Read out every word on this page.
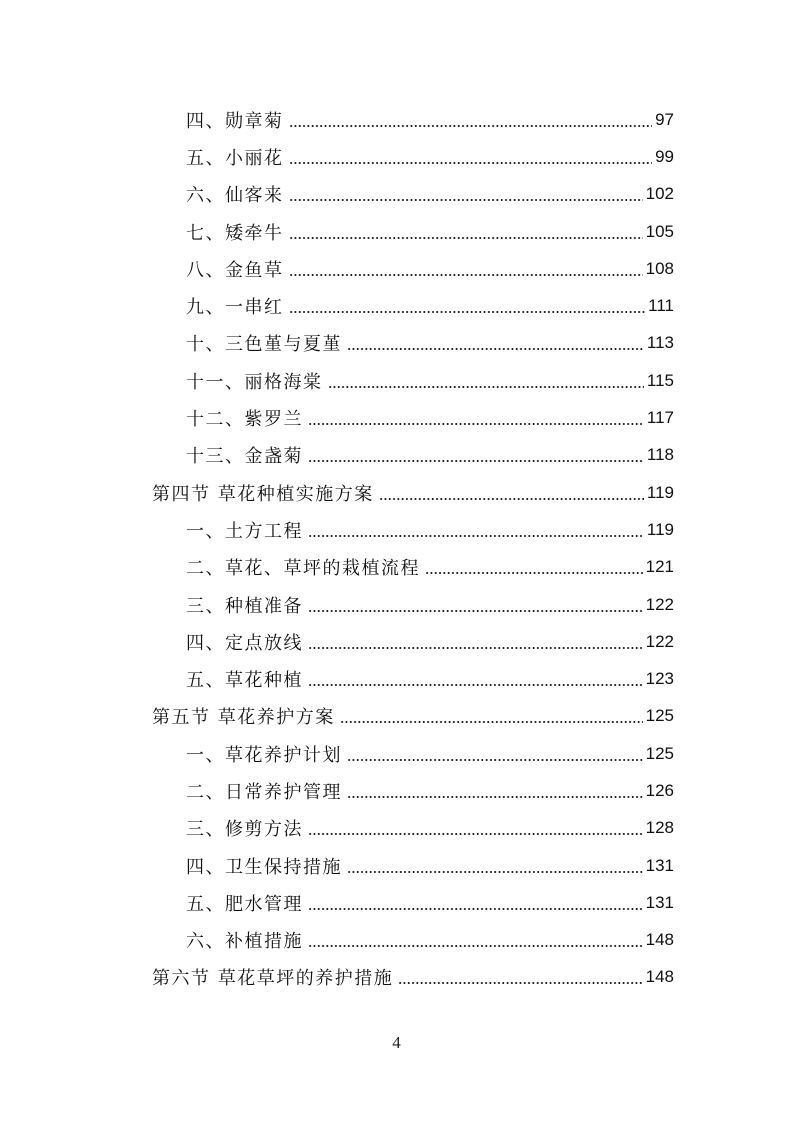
四、勋章菊	97
五、小丽花	99
六、仙客来	102
七、矮牵牛	105
八、金鱼草	108
九、一串红	111
十、三色堇与夏堇	113
十一、丽格海棠	115
十二、紫罗兰	117
十三、金盏菊	118
第四节 草花种植实施方案	119
一、土方工程	119
二、草花、草坪的栽植流程	121
三、种植准备	122
四、定点放线	122
五、草花种植	123
第五节 草花养护方案	125
一、草花养护计划	125
二、日常养护管理	126
三、修剪方法	128
四、卫生保持措施	131
五、肥水管理	131
六、补植措施	148
第六节 草花草坪的养护措施	148
4
